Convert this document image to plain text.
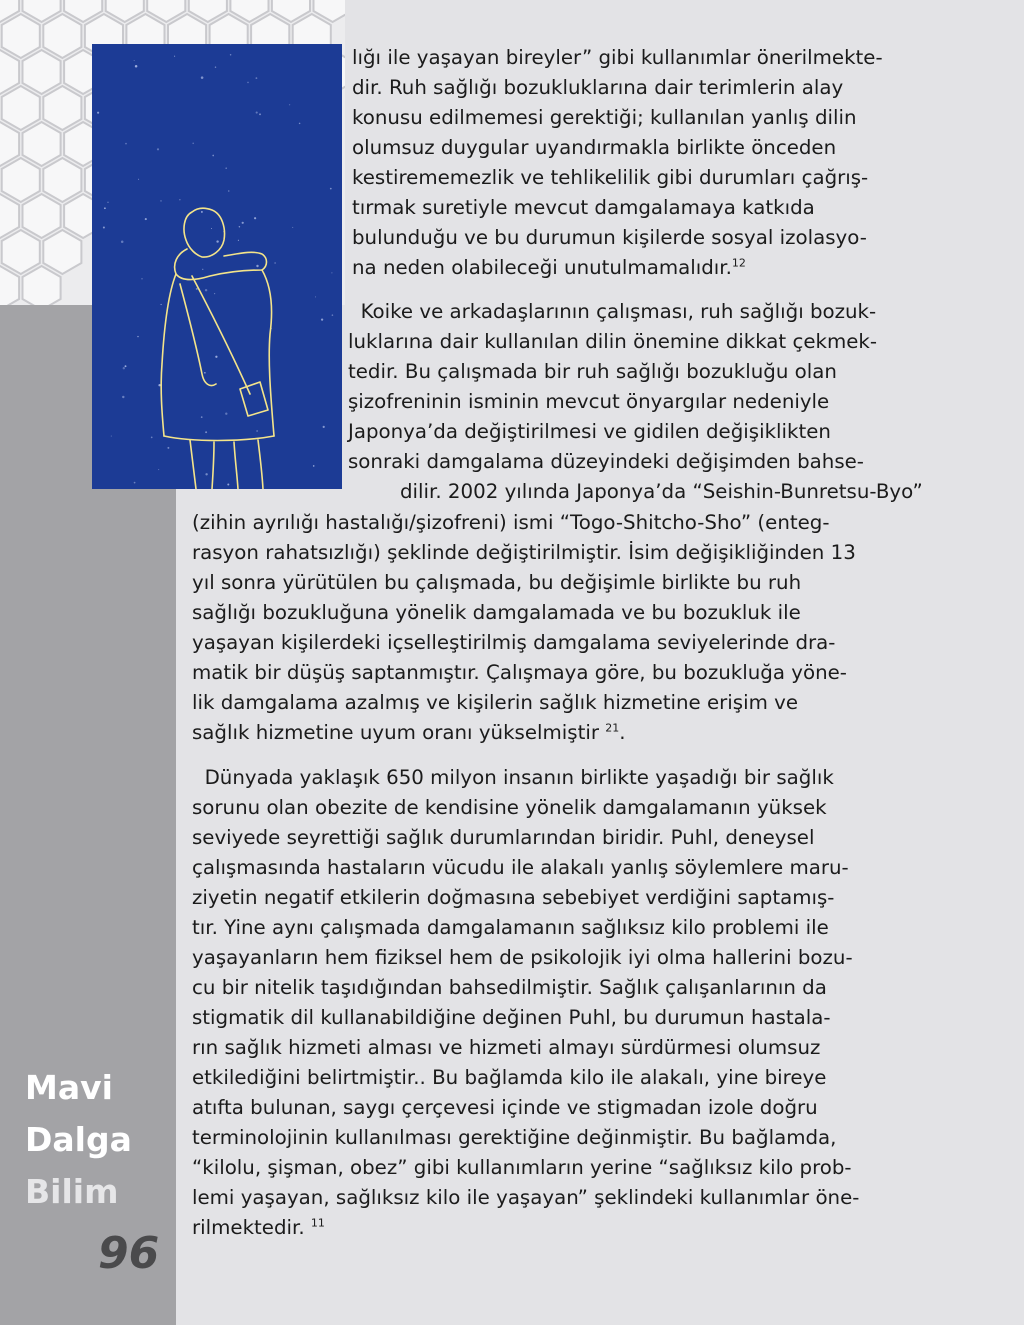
Mavi
Dalga
Bilim
96
lığı ile yaşayan bireyler” gibi kullanımlar önerilmekte-
dir. Ruh sağlığı bozukluklarına dair terimlerin alay
konusu edilmemesi gerektiği; kullanılan yanlış dilin
olumsuz duygular uyandırmakla birlikte önceden
kestirememezlik ve tehlikelilik gibi durumları çağrış-
tırmak suretiyle mevcut damgalamaya katkıda
bulunduğu ve bu durumun kişilerde sosyal izolasyo-
na neden olabileceği unutulmamalıdır.$^{12}$
Koike ve arkadaşlarının çalışması, ruh sağlığı bozuk-
luklarına dair kullanılan dilin önemine dikkat çekmek-
tedir. Bu çalışmada bir ruh sağlığı bozukluğu olan
şizofreninin isminin mevcut önyargılar nedeniyle
Japonya’da değiştirilmesi ve gidilen değişiklikten
sonraki damgalama düzeyindeki değişimden bahse-
dilir. 2002 yılında Japonya’da “Seishin-Bunretsu-Byo”
(zihin ayrılığı hastalığı/şizofreni) ismi “Togo-Shitcho-Sho” (enteg-
rasyon rahatsızlığı) şeklinde değiştirilmiştir. İsim değişikliğinden 13
yıl sonra yürütülen bu çalışmada, bu değişimle birlikte bu ruh
sağlığı bozukluğuna yönelik damgalamada ve bu bozukluk ile
yaşayan kişilerdeki içselleştirilmiş damgalama seviyelerinde dra-
matik bir düşüş saptanmıştır. Çalışmaya göre, bu bozukluğa yöne-
lik damgalama azalmış ve kişilerin sağlık hizmetine erişim ve
sağlık hizmetine uyum oranı yükselmiştir $^{21}$.
Dünyada yaklaşık 650 milyon insanın birlikte yaşadığı bir sağlık
sorunu olan obezite de kendisine yönelik damgalamanın yüksek
seviyede seyrettiği sağlık durumlarından biridir. Puhl, deneysel
çalışmasında hastaların vücudu ile alakalı yanlış söylemlere maru-
ziyetin negatif etkilerin doğmasına sebebiyet verdiğini saptamış-
tır. Yine aynı çalışmada damgalamanın sağlıksız kilo problemi ile
yaşayanların hem fiziksel hem de psikolojik iyi olma hallerini bozu-
cu bir nitelik taşıdığından bahsedilmiştir. Sağlık çalışanlarının da
stigmatik dil kullanabildiğine değinen Puhl, bu durumun hastala-
rın sağlık hizmeti alması ve hizmeti almayı sürdürmesi olumsuz
etkilediğini belirtmiştir.. Bu bağlamda kilo ile alakalı, yine bireye
atıfta bulunan, saygı çerçevesi içinde ve stigmadan izole doğru
terminolojinin kullanılması gerektiğine değinmiştir. Bu bağlamda,
“kilolu, şişman, obez” gibi kullanımların yerine “sağlıksız kilo prob-
lemi yaşayan, sağlıksız kilo ile yaşayan” şeklindeki kullanımlar öne-
rilmektedir. $^{11}$
